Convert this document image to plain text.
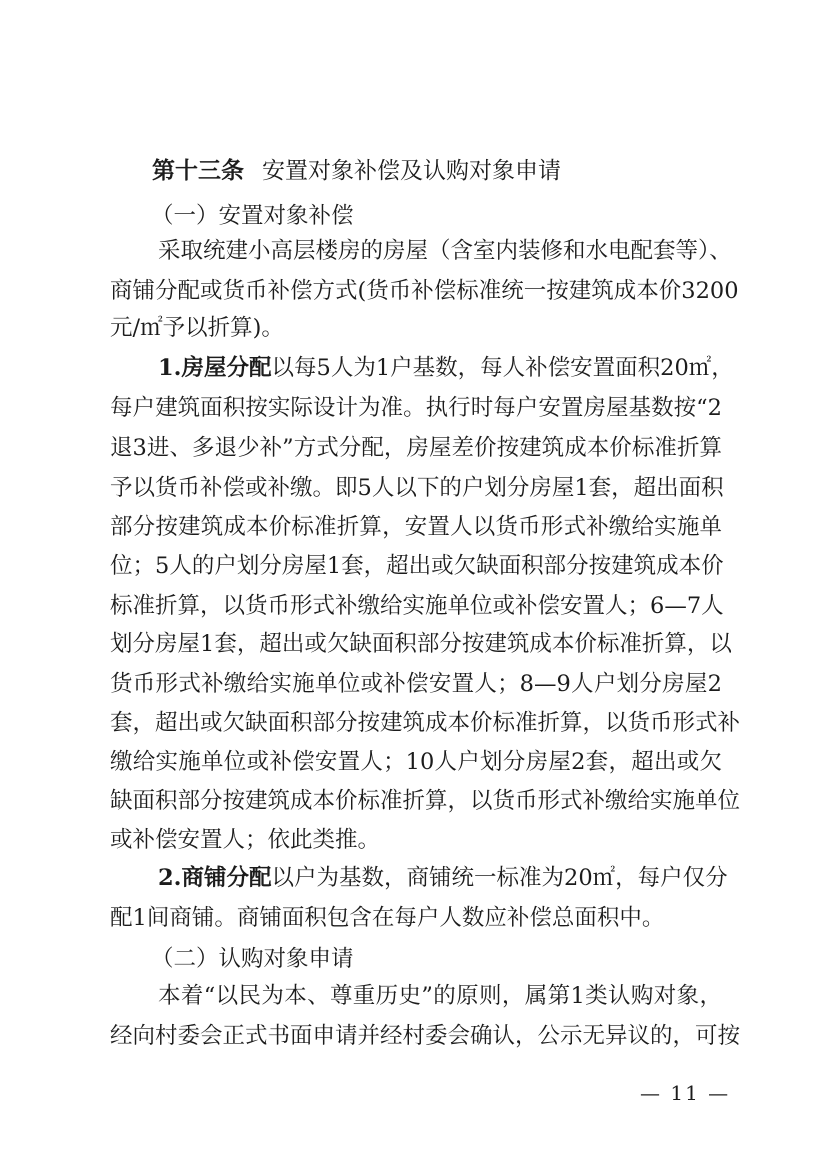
第十三条 安置对象补偿及认购对象申请
（一）安置对象补偿
采取统建小高层楼房的房屋（含室内装修和水电配套等）、
商铺分配或货币补偿方式(货币补偿标准统一按建筑成本价3200
元/㎡予以折算)。
1.房屋分配以每5人为1户基数，每人补偿安置面积20㎡，
每户建筑面积按实际设计为准。执行时每户安置房屋基数按“2
退3进、多退少补”方式分配，房屋差价按建筑成本价标准折算
予以货币补偿或补缴。即5人以下的户划分房屋1套，超出面积
部分按建筑成本价标准折算，安置人以货币形式补缴给实施单
位；5人的户划分房屋1套，超出或欠缺面积部分按建筑成本价
标准折算，以货币形式补缴给实施单位或补偿安置人；6—7人
划分房屋1套，超出或欠缺面积部分按建筑成本价标准折算，以
货币形式补缴给实施单位或补偿安置人；8—9人户划分房屋2
套，超出或欠缺面积部分按建筑成本价标准折算，以货币形式补
缴给实施单位或补偿安置人；10人户划分房屋2套，超出或欠
缺面积部分按建筑成本价标准折算，以货币形式补缴给实施单位
或补偿安置人；依此类推。
2.商铺分配以户为基数，商铺统一标准为20㎡，每户仅分
配1间商铺。商铺面积包含在每户人数应补偿总面积中。
（二）认购对象申请
本着“以民为本、尊重历史”的原则，属第1类认购对象，
经向村委会正式书面申请并经村委会确认，公示无异议的，可按
— 11 —
